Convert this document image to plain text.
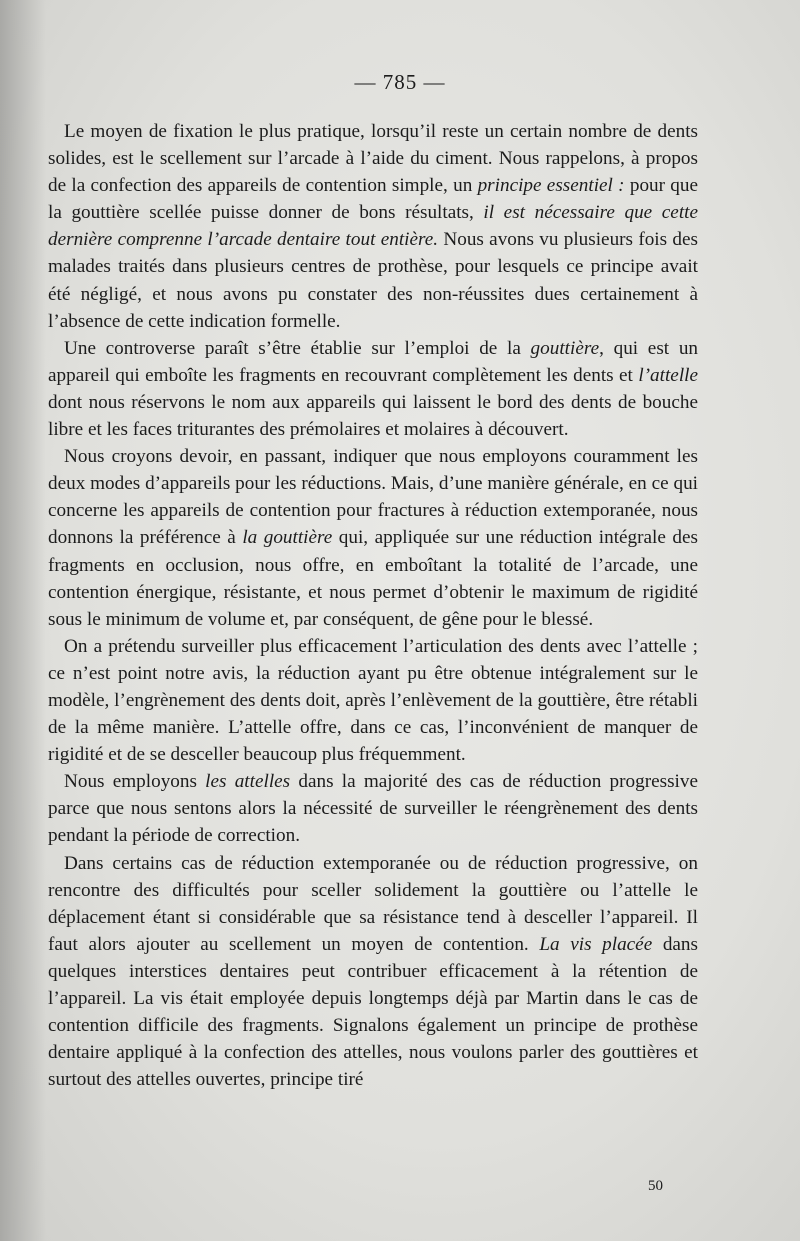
— 785 —

Le moyen de fixation le plus pratique, lorsqu’il reste un certain nombre de dents solides, est le scellement sur l’arcade à l’aide du ciment. Nous rappelons, à propos de la confection des appareils de contention simple, un principe essentiel : pour que la gouttière scellée puisse donner de bons résultats, il est nécessaire que cette dernière comprenne l’arcade dentaire tout entière. Nous avons vu plusieurs fois des malades traités dans plusieurs centres de prothèse, pour lesquels ce principe avait été négligé, et nous avons pu constater des non-réussites dues certainement à l’absence de cette indication formelle.

Une controverse paraît s’être établie sur l’emploi de la gouttière, qui est un appareil qui emboîte les fragments en recouvrant complètement les dents et l’attelle dont nous réservons le nom aux appareils qui laissent le bord des dents de bouche libre et les faces triturantes des prémolaires et molaires à découvert.

Nous croyons devoir, en passant, indiquer que nous employons couramment les deux modes d’appareils pour les réductions. Mais, d’une manière générale, en ce qui concerne les appareils de contention pour fractures à réduction extemporanée, nous donnons la préférence à la gouttière qui, appliquée sur une réduction intégrale des fragments en occlusion, nous offre, en emboîtant la totalité de l’arcade, une contention énergique, résistante, et nous permet d’obtenir le maximum de rigidité sous le minimum de volume et, par conséquent, de gêne pour le blessé.

On a prétendu surveiller plus efficacement l’articulation des dents avec l’attelle ; ce n’est point notre avis, la réduction ayant pu être obtenue intégralement sur le modèle, l’engrènement des dents doit, après l’enlèvement de la gouttière, être rétabli de la même manière. L’attelle offre, dans ce cas, l’inconvénient de manquer de rigidité et de se desceller beaucoup plus fréquemment.

Nous employons les attelles dans la majorité des cas de réduction progressive parce que nous sentons alors la nécessité de surveiller le réengrènement des dents pendant la période de correction.

Dans certains cas de réduction extemporanée ou de réduction progressive, on rencontre des difficultés pour sceller solidement la gouttière ou l’attelle le déplacement étant si considérable que sa résistance tend à desceller l’appareil. Il faut alors ajouter au scellement un moyen de contention. La vis placée dans quelques interstices dentaires peut contribuer efficacement à la rétention de l’appareil. La vis était employée depuis longtemps déjà par Martin dans le cas de contention difficile des fragments. Signalons également un principe de prothèse dentaire appliqué à la confection des attelles, nous voulons parler des gouttières et surtout des attelles ouvertes, principe tiré

50
